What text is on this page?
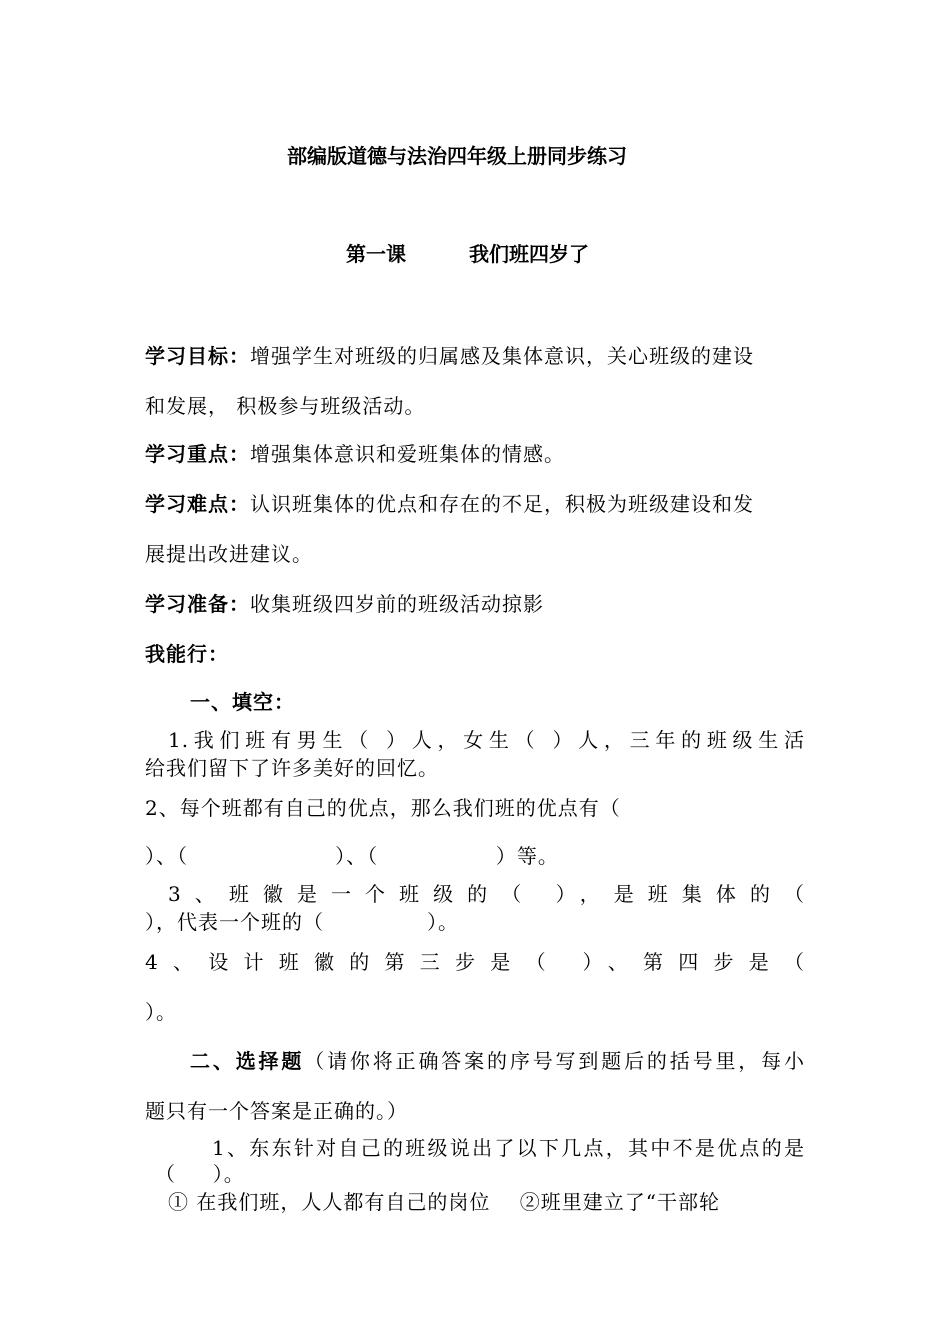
部编版道德与法治四年级上册同步练习
第一课	我们班四岁了
学习目标：增强学生对班级的归属感及集体意识，关心班级的建设
和发展， 积极参与班级活动。
学习重点：增强集体意识和爱班集体的情感。
学习难点：认识班集体的优点和存在的不足，积极为班级建设和发
展提出改进建议。
学习准备：收集班级四岁前的班级活动掠影
我能行：
一、填空：
1.我们班有男生（ ）人，女生（ ）人，三年的班级生活
给我们留下了许多美好的回忆。
2、每个班都有自己的优点，那么我们班的优点有（
）、（                    ）、（                ）等。
3、班徽是一个班级的（ ），是班集体的（
），代表一个班的（              ）。
4、设计班徽的第三步是（ ）、第四步是（
）。
二、选择题（请你将正确答案的序号写到题后的括号里，每小
题只有一个答案是正确的。）
1、东东针对自己的班级说出了以下几点，其中不是优点的是
（     ）。
① 在我们班，人人都有自己的岗位    ②班里建立了“干部轮
